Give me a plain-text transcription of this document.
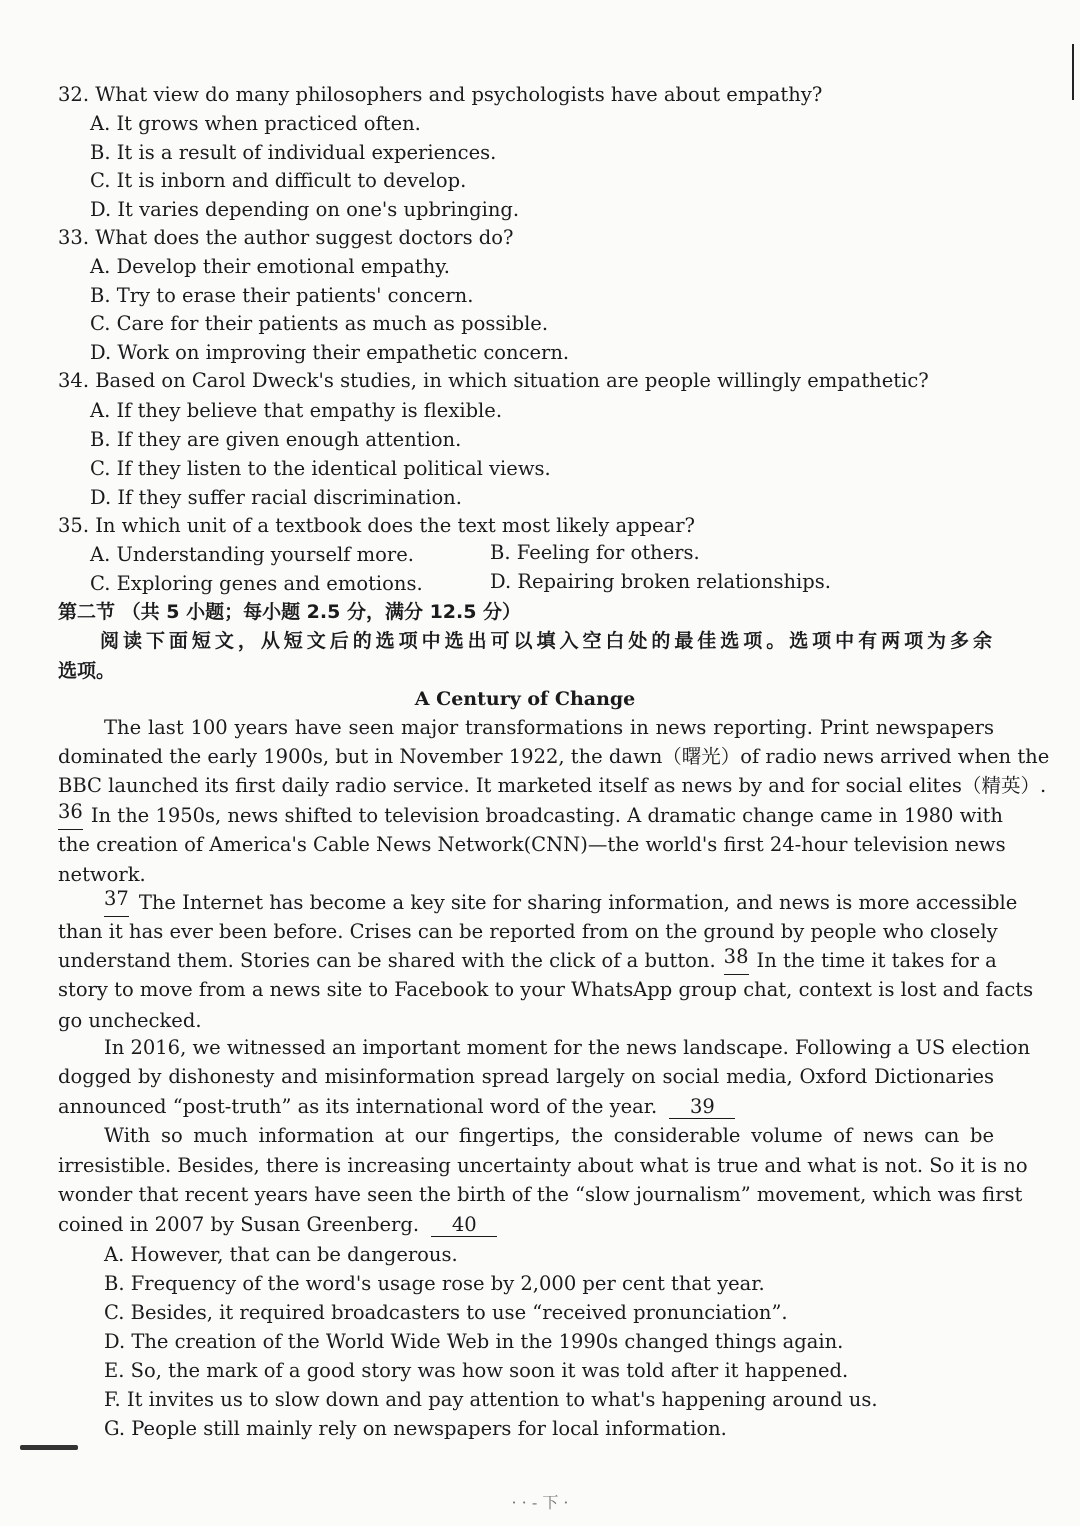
32. What view do many philosophers and psychologists have about empathy?
A. It grows when practiced often.
B. It is a result of individual experiences.
C. It is inborn and difficult to develop.
D. It varies depending on one's upbringing.
33. What does the author suggest doctors do?
A. Develop their emotional empathy.
B. Try to erase their patients' concern.
C. Care for their patients as much as possible.
D. Work on improving their empathetic concern.
34. Based on Carol Dweck's studies, in which situation are people willingly empathetic?
A. If they believe that empathy is flexible.
B. If they are given enough attention.
C. If they listen to the identical political views.
D. If they suffer racial discrimination.
35. In which unit of a textbook does the text most likely appear?
A. Understanding yourself more.	B. Feeling for others.
C. Exploring genes and emotions.	D. Repairing broken relationships.
第二节 （共 5 小题；每小题 2.5 分，满分 12.5 分）
阅读下面短文，从短文后的选项中选出可以填入空白处的最佳选项。选项中有两项为多余
选项。
A Century of Change
The last 100 years have seen major transformations in news reporting. Print newspapers
dominated the early 1900s, but in November 1922, the dawn（曙光）of radio news arrived when the
BBC launched its first daily radio service. It marketed itself as news by and for social elites（精英）.
36 In the 1950s, news shifted to television broadcasting. A dramatic change came in 1980 with
the creation of America's Cable News Network(CNN)—the world's first 24-hour television news
network.
37 The Internet has become a key site for sharing information, and news is more accessible
than it has ever been before. Crises can be reported from on the ground by people who closely
understand them. Stories can be shared with the click of a button. 38 In the time it takes for a
story to move from a news site to Facebook to your WhatsApp group chat, context is lost and facts
go unchecked.
In 2016, we witnessed an important moment for the news landscape. Following a US election
dogged by dishonesty and misinformation spread largely on social media, Oxford Dictionaries
announced “post-truth” as its international word of the year. 39
With so much information at our fingertips, the considerable volume of news can be
irresistible. Besides, there is increasing uncertainty about what is true and what is not. So it is no
wonder that recent years have seen the birth of the “slow journalism” movement, which was first
coined in 2007 by Susan Greenberg. 40
A. However, that can be dangerous.
B. Frequency of the word's usage rose by 2,000 per cent that year.
C. Besides, it required broadcasters to use “received pronunciation”.
D. The creation of the World Wide Web in the 1990s changed things again.
E. So, the mark of a good story was how soon it was told after it happened.
F. It invites us to slow down and pay attention to what's happening around us.
G. People still mainly rely on newspapers for local information.
· · - 下 ·
